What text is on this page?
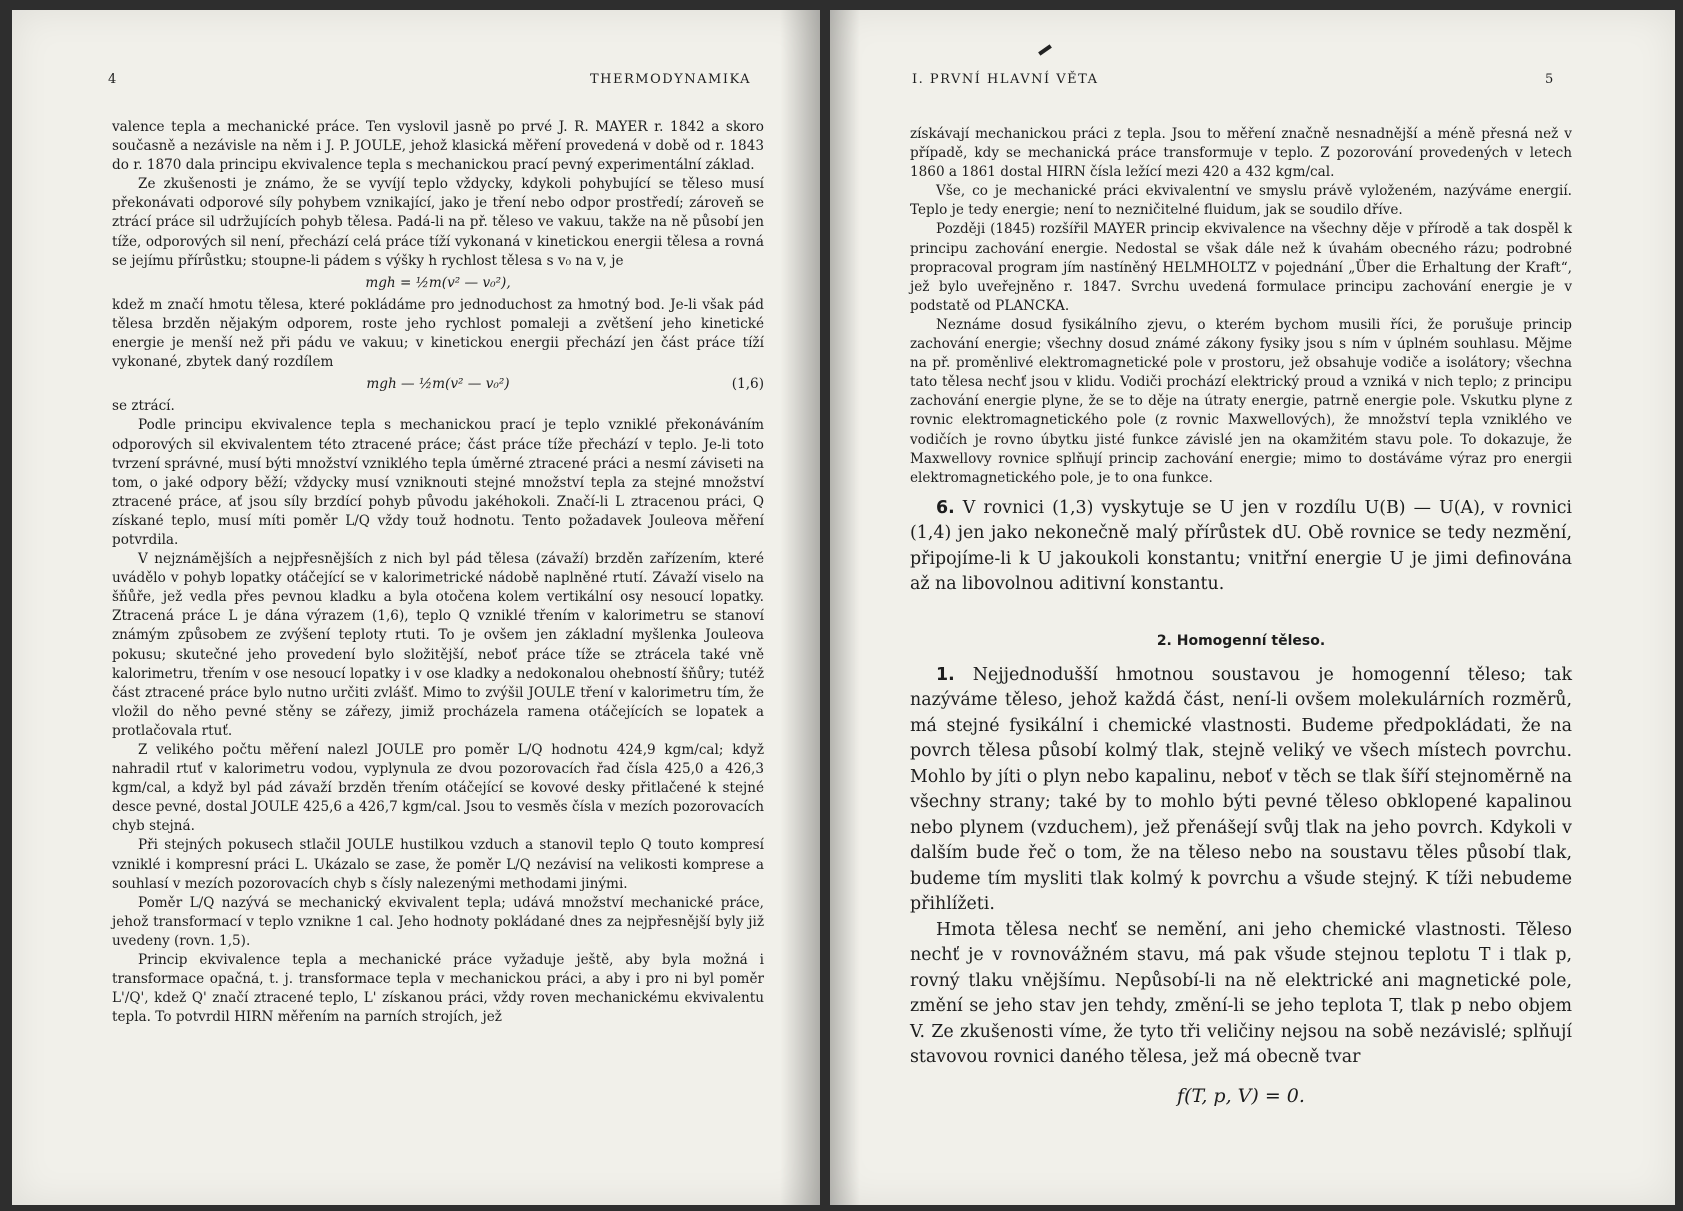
4	THERMODYNAMIKA

valence tepla a mechanické práce. Ten vyslovil jasně po prvé J. R. MAYER r. 1842 a skoro současně a nezávisle na něm i J. P. JOULE, jehož klasická měření provedená v době od r. 1843 do r. 1870 dala principu ekvivalence tepla s mechanickou prací pevný experimentální základ.

Ze zkušenosti je známo, že se vyvíjí teplo vždycky, kdykoli pohybující se těleso musí překonávati odporové síly pohybem vznikající, jako je tření nebo odpor prostředí; zároveň se ztrácí práce sil udržujících pohyb tělesa. Padá-li na př. těleso ve vakuu, takže na ně působí jen tíže, odporových sil není, přechází celá práce tíží vykonaná v kinetickou energii tělesa a rovná se jejímu přírůstku; stoupne-li pádem s výšky h rychlost tělesa s v₀ na v, je

mgh = ½m(v² — v₀²),

kdež m značí hmotu tělesa, které pokládáme pro jednoduchost za hmotný bod. Je-li však pád tělesa brzděn nějakým odporem, roste jeho rychlost pomaleji a zvětšení jeho kinetické energie je menší než při pádu ve vakuu; v kinetickou energii přechází jen část práce tíží vykonané, zbytek daný rozdílem

mgh — ½m(v² — v₀²)	(1,6)

se ztrácí.

Podle principu ekvivalence tepla s mechanickou prací je teplo vzniklé překonáváním odporových sil ekvivalentem této ztracené práce; část práce tíže přechází v teplo. Je-li toto tvrzení správné, musí býti množství vzniklého tepla úměrné ztracené práci a nesmí záviseti na tom, o jaké odpory běží; vždycky musí vzniknouti stejné množství tepla za stejné množství ztracené práce, ať jsou síly brzdící pohyb původu jakéhokoli. Značí-li L ztracenou práci, Q získané teplo, musí míti poměr L/Q vždy touž hodnotu. Tento požadavek Jouleova měření potvrdila.

V nejznámějších a nejpřesnějších z nich byl pád tělesa (závaží) brzděn zařízením, které uvádělo v pohyb lopatky otáčející se v kalorimetrické nádobě naplněné rtutí. Závaží viselo na šňůře, jež vedla přes pevnou kladku a byla otočena kolem vertikální osy nesoucí lopatky. Ztracená práce L je dána výrazem (1,6), teplo Q vzniklé třením v kalorimetru se stanoví známým způsobem ze zvýšení teploty rtuti. To je ovšem jen základní myšlenka Jouleova pokusu; skutečné jeho provedení bylo složitější, neboť práce tíže se ztrácela také vně kalorimetru, třením v ose nesoucí lopatky i v ose kladky a nedokonalou ohebností šňůry; tutéž část ztracené práce bylo nutno určiti zvlášť. Mimo to zvýšil JOULE tření v kalorimetru tím, že vložil do něho pevné stěny se zářezy, jimiž procházela ramena otáčejících se lopatek a protlačovala rtuť.

Z velikého počtu měření nalezl JOULE pro poměr L/Q hodnotu 424,9 kgm/cal; když nahradil rtuť v kalorimetru vodou, vyplynula ze dvou pozorovacích řad čísla 425,0 a 426,3 kgm/cal, a když byl pád závaží brzděn třením otáčející se kovové desky přitlačené k stejné desce pevné, dostal JOULE 425,6 a 426,7 kgm/cal. Jsou to vesměs čísla v mezích pozorovacích chyb stejná.

Při stejných pokusech stlačil JOULE hustilkou vzduch a stanovil teplo Q touto kompresí vzniklé i kompresní práci L. Ukázalo se zase, že poměr L/Q nezávisí na velikosti komprese a souhlasí v mezích pozorovacích chyb s čísly nalezenými methodami jinými.

Poměr L/Q nazývá se mechanický ekvivalent tepla; udává množství mechanické práce, jehož transformací v teplo vznikne 1 cal. Jeho hodnoty pokládané dnes za nejpřesnější byly již uvedeny (rovn. 1,5).

Princip ekvivalence tepla a mechanické práce vyžaduje ještě, aby byla možná i transformace opačná, t. j. transformace tepla v mechanickou práci, a aby i pro ni byl poměr L'/Q', kdež Q' značí ztracené teplo, L' získanou práci, vždy roven mechanickému ekvivalentu tepla. To potvrdil HIRN měřením na parních strojích, jež

I. PRVNÍ HLAVNÍ VĚTA	5

získávají mechanickou práci z tepla. Jsou to měření značně nesnadnější a méně přesná než v případě, kdy se mechanická práce transformuje v teplo. Z pozorování provedených v letech 1860 a 1861 dostal HIRN čísla ležící mezi 420 a 432 kgm/cal.

Vše, co je mechanické práci ekvivalentní ve smyslu právě vyloženém, nazýváme energií. Teplo je tedy energie; není to nezničitelné fluidum, jak se soudilo dříve.

Později (1845) rozšířil MAYER princip ekvivalence na všechny děje v přírodě a tak dospěl k principu zachování energie. Nedostal se však dále než k úvahám obecného rázu; podrobné propracoval program jím nastíněný HELMHOLTZ v pojednání „Über die Erhaltung der Kraft“, jež bylo uveřejněno r. 1847. Svrchu uvedená formulace principu zachování energie je v podstatě od PLANCKA.

Neznáme dosud fysikálního zjevu, o kterém bychom musili říci, že porušuje princip zachování energie; všechny dosud známé zákony fysiky jsou s ním v úplném souhlasu. Mějme na př. proměnlivé elektromagnetické pole v prostoru, jež obsahuje vodiče a isolátory; všechna tato tělesa nechť jsou v klidu. Vodiči prochází elektrický proud a vzniká v nich teplo; z principu zachování energie plyne, že se to děje na útraty energie, patrně energie pole. Vskutku plyne z rovnic elektromagnetického pole (z rovnic Maxwellových), že množství tepla vzniklého ve vodičích je rovno úbytku jisté funkce závislé jen na okamžitém stavu pole. To dokazuje, že Maxwellovy rovnice splňují princip zachování energie; mimo to dostáváme výraz pro energii elektromagnetického pole, je to ona funkce.

6. V rovnici (1,3) vyskytuje se U jen v rozdílu U(B) — U(A), v rovnici (1,4) jen jako nekonečně malý přírůstek dU. Obě rovnice se tedy nezmění, připojíme-li k U jakoukoli konstantu; vnitřní energie U je jimi definována až na libovolnou aditivní konstantu.

2. Homogenní těleso.

1. Nejjednodušší hmotnou soustavou je homogenní těleso; tak nazýváme těleso, jehož každá část, není-li ovšem molekulárních rozměrů, má stejné fysikální i chemické vlastnosti. Budeme předpokládati, že na povrch tělesa působí kolmý tlak, stejně veliký ve všech místech povrchu. Mohlo by jíti o plyn nebo kapalinu, neboť v těch se tlak šíří stejnoměrně na všechny strany; také by to mohlo býti pevné těleso obklopené kapalinou nebo plynem (vzduchem), jež přenášejí svůj tlak na jeho povrch. Kdykoli v dalším bude řeč o tom, že na těleso nebo na soustavu těles působí tlak, budeme tím mysliti tlak kolmý k povrchu a všude stejný. K tíži nebudeme přihlížeti.

Hmota tělesa nechť se nemění, ani jeho chemické vlastnosti. Těleso nechť je v rovnovážném stavu, má pak všude stejnou teplotu T i tlak p, rovný tlaku vnějšímu. Nepůsobí-li na ně elektrické ani magnetické pole, změní se jeho stav jen tehdy, změní-li se jeho teplota T, tlak p nebo objem V. Ze zkušenosti víme, že tyto tři veličiny nejsou na sobě nezávislé; splňují stavovou rovnici daného tělesa, jež má obecně tvar

f(T, p, V) = 0.
